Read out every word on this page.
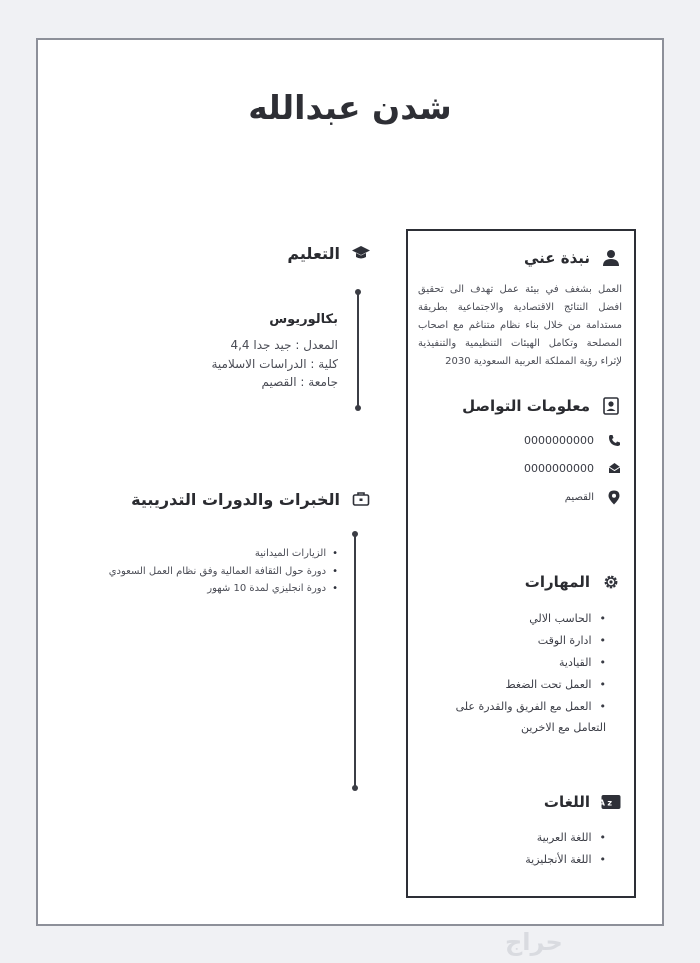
شدن عبدالله
التعليم
بكالوريوس
المعدل : جيد جدا 4,4
كلية : الدراسات الاسلامية
جامعة : القصيم
الخبرات والدورات التدريبية
• الزيارات الميدانية
• دورة حول الثقافة العمالية وفق نظام العمل السعودي
• دورة انجليزي لمدة 10 شهور
نبذة عني
العمل بشغف في بيئة عمل تهدف الى تحقيق افضل النتائج الاقتصادية والاجتماعية بطريقة مستدامة من خلال بناء نظام متناغم مع اصحاب المصلحة وتكامل الهيئات التنظيمية والتنفيذية لإثراء رؤية المملكة العربية السعودية 2030
معلومات التواصل
0000000000
0000000000
القصيم
المهارات
• الحاسب الالي
• ادارة الوقت
• القيادية
• العمل تحت الضغط
• العمل مع الفريق والقدرة على التعامل مع الاخرين
A z
اللغات
• اللغة العربية
• اللغة الأنجليزية
حراج
